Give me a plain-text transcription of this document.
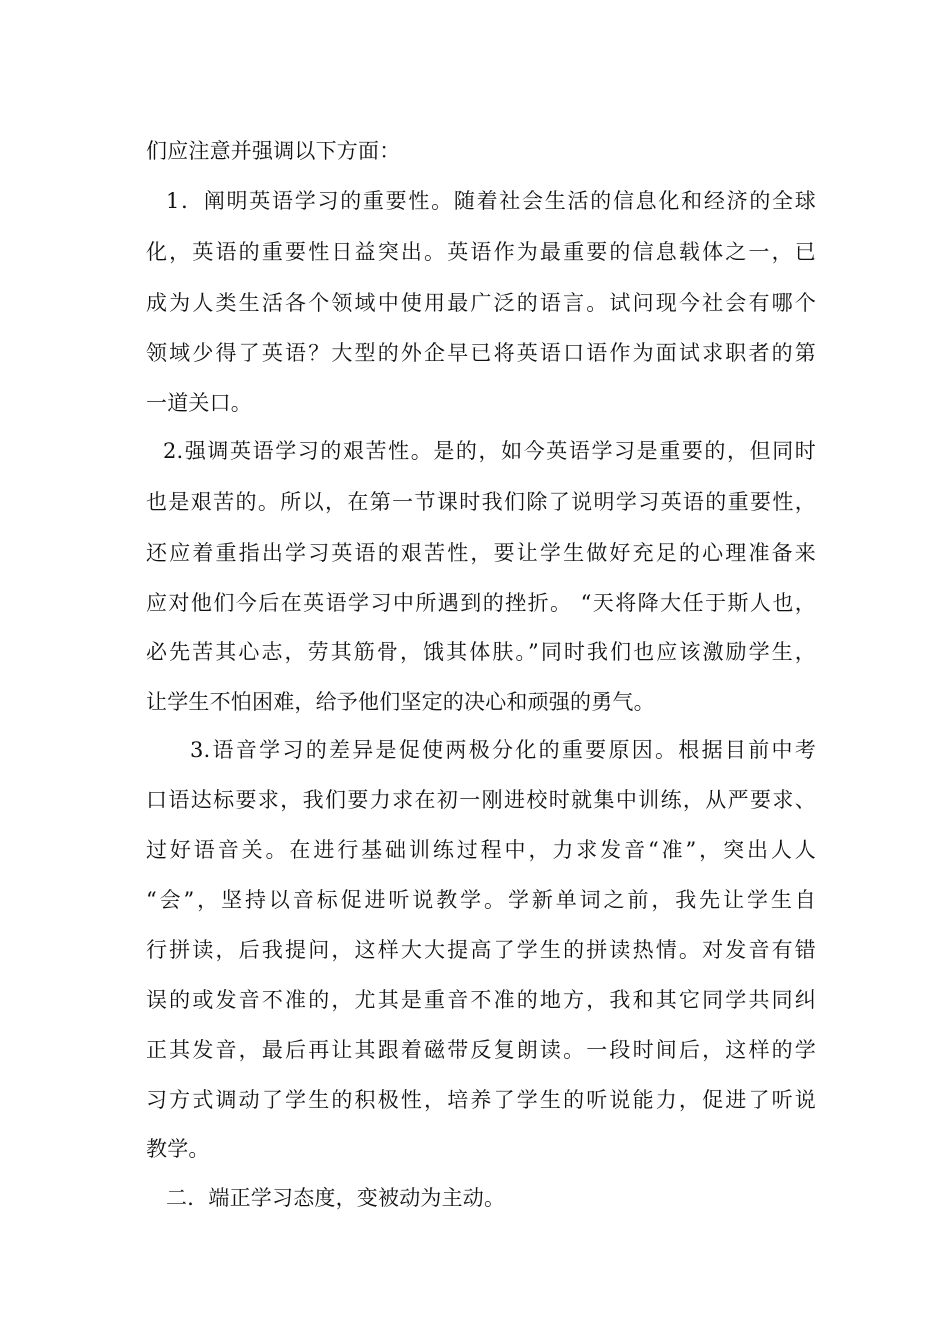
们应注意并强调以下方面：
1．阐明英语学习的重要性。随着社会生活的信息化和经济的全球
化，英语的重要性日益突出。英语作为最重要的信息载体之一，已
成为人类生活各个领域中使用最广泛的语言。试问现今社会有哪个
领域少得了英语？大型的外企早已将英语口语作为面试求职者的第
一道关口。
2.强调英语学习的艰苦性。是的，如今英语学习是重要的，但同时
也是艰苦的。所以，在第一节课时我们除了说明学习英语的重要性，
还应着重指出学习英语的艰苦性，要让学生做好充足的心理准备来
应对他们今后在英语学习中所遇到的挫折。 “天将降大任于斯人也，
必先苦其心志，劳其筋骨，饿其体肤。”同时我们也应该激励学生，
让学生不怕困难，给予他们坚定的决心和顽强的勇气。
3.语音学习的差异是促使两极分化的重要原因。根据目前中考
口语达标要求，我们要力求在初一刚进校时就集中训练，从严要求、
过好语音关。在进行基础训练过程中，力求发音“准”，突出人人
“会”，坚持以音标促进听说教学。学新单词之前，我先让学生自
行拼读，后我提问，这样大大提高了学生的拼读热情。对发音有错
误的或发音不准的，尤其是重音不准的地方，我和其它同学共同纠
正其发音，最后再让其跟着磁带反复朗读。一段时间后，这样的学
习方式调动了学生的积极性，培养了学生的听说能力，促进了听说
教学。
二．端正学习态度，变被动为主动。
